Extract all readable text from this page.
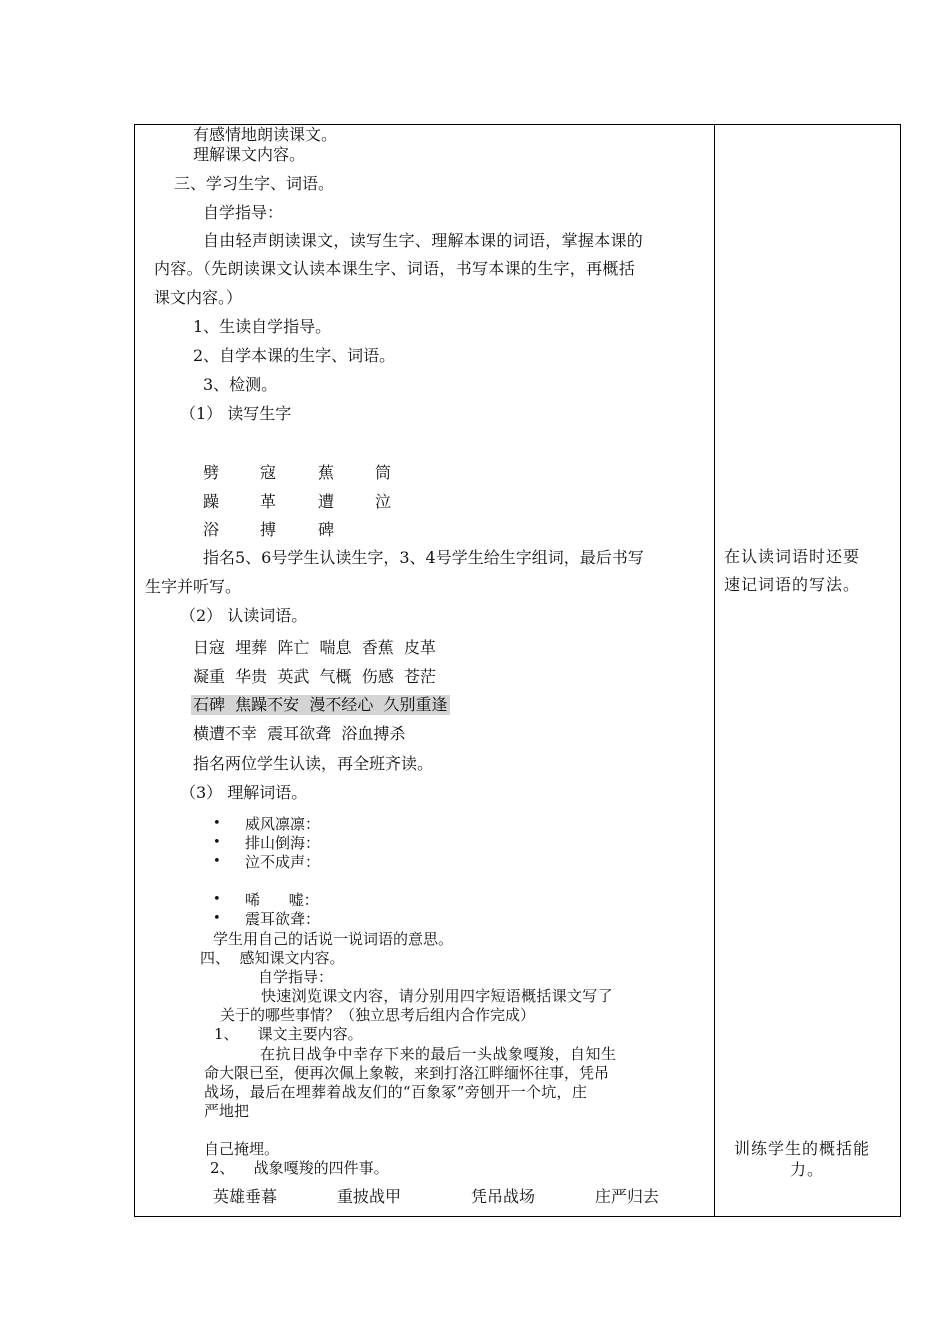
有感情地朗读课文。
理解课文内容。
三、学习生字、词语。
自学指导：
自由轻声朗读课文，读写生字、理解本课的词语，掌握本课的
内容。（先朗读课文认读本课生字、词语，书写本课的生字，再概括
课文内容。）
1、生读自学指导。
2、自学本课的生字、词语。
3、检测。
（1） 读写生字
劈	寇	蕉	筒
躁	革	遭	泣
浴	搏	碑
指名5、6号学生认读生字，3、4号学生给生字组词，最后书写
生字并听写。
（2） 认读词语。
日寇  埋葬  阵亡  喘息  香蕉  皮革
凝重  华贵  英武  气概  伤感  苍茫
石碑  焦躁不安  漫不经心  久别重逢
横遭不幸  震耳欲聋  浴血搏杀
指名两位学生认读，再全班齐读。
（3） 理解词语。
• 威风凛凛：
• 排山倒海：
• 泣不成声：
• 唏      嘘：
• 震耳欲聋：
学生用自己的话说一说词语的意思。
四、  感知课文内容。
自学指导：
快速浏览课文内容，请分别用四字短语概括课文写了
关于的哪些事情？（独立思考后组内合作完成）
1、    课文主要内容。
在抗日战争中幸存下来的最后一头战象嘎羧，自知生
命大限已至，便再次佩上象鞍，来到打洛江畔缅怀往事，凭吊
战场，最后在埋葬着战友们的“百象冢”旁刨开一个坑，庄
严地把
自己掩埋。
2、    战象嘎羧的四件事。
英雄垂暮	重披战甲	凭吊战场	庄严归去
在认读词语时还要
速记词语的写法。
训练学生的概括能
力。
